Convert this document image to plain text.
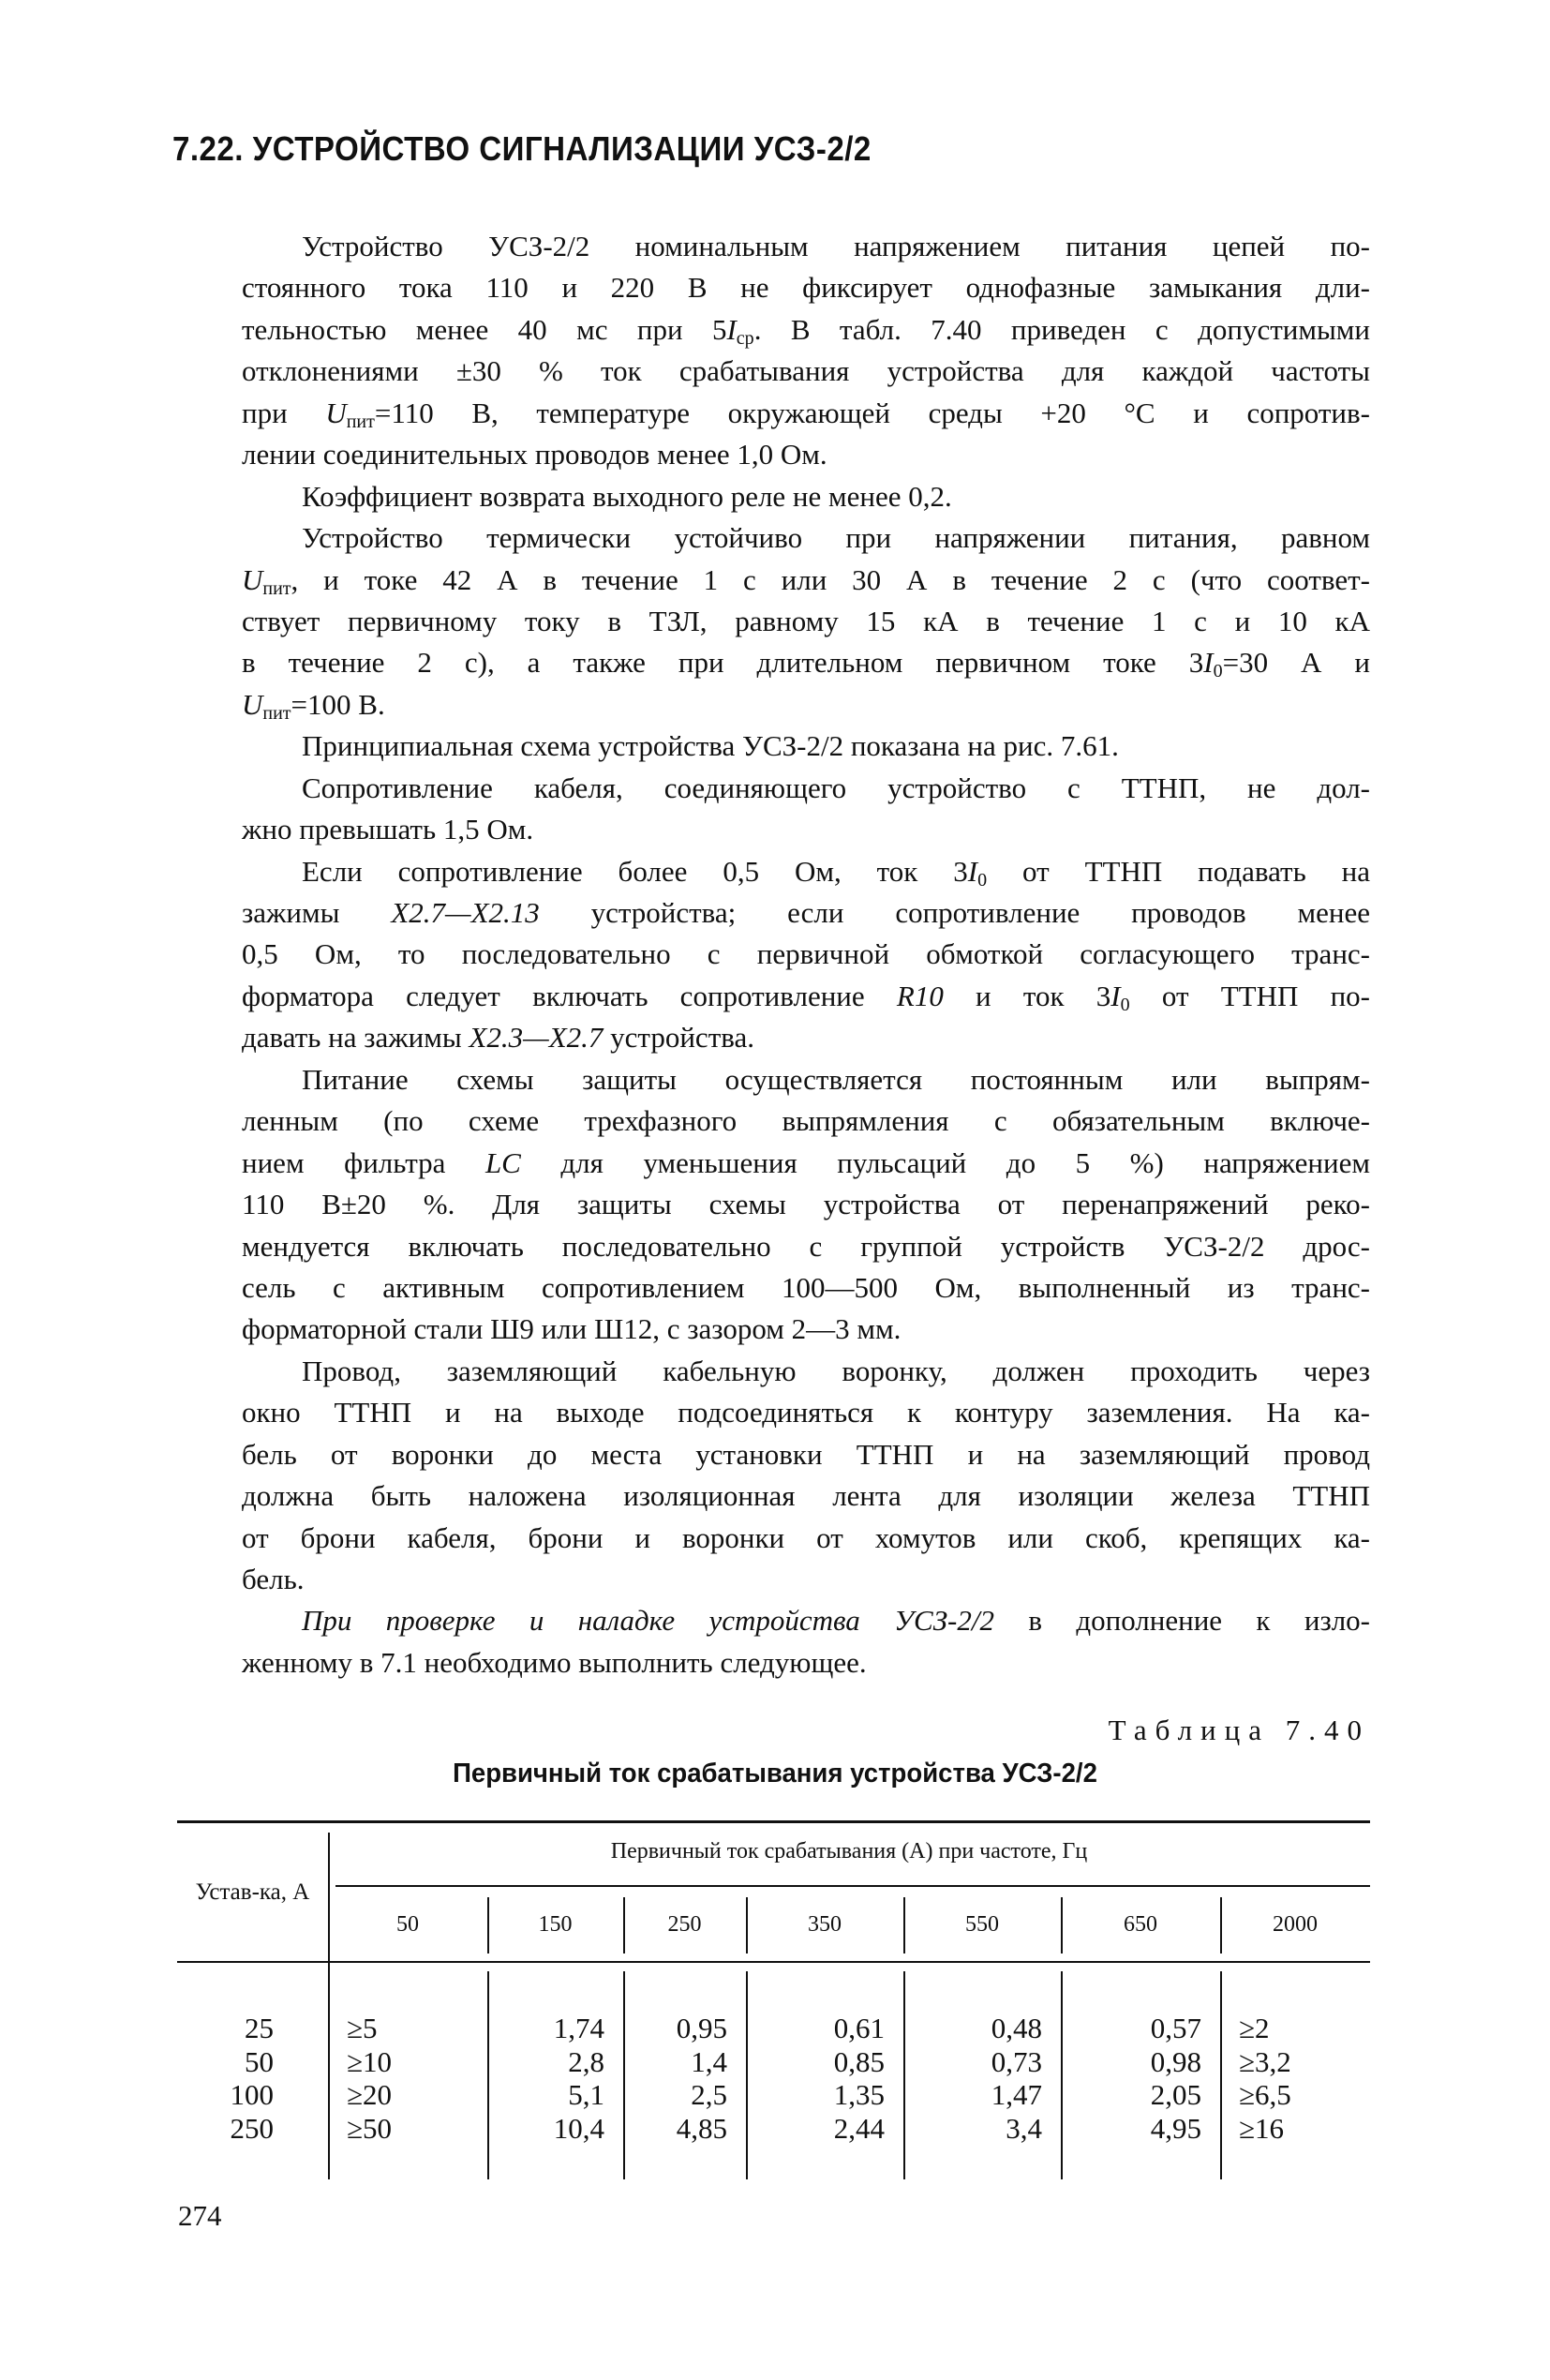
7.22. УСТРОЙСТВО СИГНАЛИЗАЦИИ УСЗ-2/2
Устройство УСЗ-2/2 номинальным напряжением питания цепей по-
стоянного тока 110 и 220 В не фиксирует однофазные замыкания дли-
тельностью менее 40 мс при $5I_{ср}$. В табл. 7.40 приведен с допустимыми
отклонениями ±30 % ток срабатывания устройства для каждой частоты
при $U_{пит}=110$ В, температуре окружающей среды +20 °С и сопротив-
лении соединительных проводов менее 1,0 Ом.
Коэффициент возврата выходного реле не менее 0,2.
Устройство термически устойчиво при напряжении питания, равном
$U_{пит}$, и токе 42 А в течение 1 с или 30 А в течение 2 с (что соответ-
ствует первичному току в ТЗЛ, равному 15 кА в течение 1 с и 10 кА
в течение 2 с), а также при длительном первичном токе $3I_0=30$ А и
$U_{пит}=100$ В.
Принципиальная схема устройства УСЗ-2/2 показана на рис. 7.61.
Сопротивление кабеля, соединяющего устройство с ТТНП, не дол-
жно превышать 1,5 Ом.
Если сопротивление более 0,5 Ом, ток $3I_0$ от ТТНП подавать на
зажимы X2.7—X2.13 устройства; если сопротивление проводов менее
0,5 Ом, то последовательно с первичной обмоткой согласующего транс-
форматора следует включать сопротивление R10 и ток $3I_0$ от ТТНП по-
давать на зажимы X2.3—X2.7 устройства.
Питание схемы защиты осуществляется постоянным или выпрям-
ленным (по схеме трехфазного выпрямления с обязательным включе-
нием фильтра LC для уменьшения пульсаций до 5 %) напряжением
110 В±20 %. Для защиты схемы устройства от перенапряжений реко-
мендуется включать последовательно с группой устройств УСЗ-2/2 дрос-
сель с активным сопротивлением 100—500 Ом, выполненный из транс-
форматорной стали Ш9 или Ш12, с зазором 2—3 мм.
Провод, заземляющий кабельную воронку, должен проходить через
окно ТТНП и на выходе подсоединяться к контуру заземления. На ка-
бель от воронки до места установки ТТНП и на заземляющий провод
должна быть наложена изоляционная лента для изоляции железа ТТНП
от брони кабеля, брони и воронки от хомутов или скоб, крепящих ка-
бель.
При проверке и наладке устройства УСЗ-2/2 в дополнение к изло-
женному в 7.1 необходимо выполнить следующее.
Таблица 7.40
Первичный ток срабатывания устройства УСЗ-2/2
Устав-ка, А
Первичный ток срабатывания (А) при частоте, Гц
50	150	250	350	550	650	2000
25	≥5	1,74	0,95	0,61	0,48	0,57 ≥2
50	≥10	2,8	1,4	0,85	0,73	0,98 ≥3,2
100	≥20	5,1	2,5	1,35	1,47	2,05 ≥6,5
250	≥50	10,4	4,85	2,44	3,4	4,95 ≥16
274
